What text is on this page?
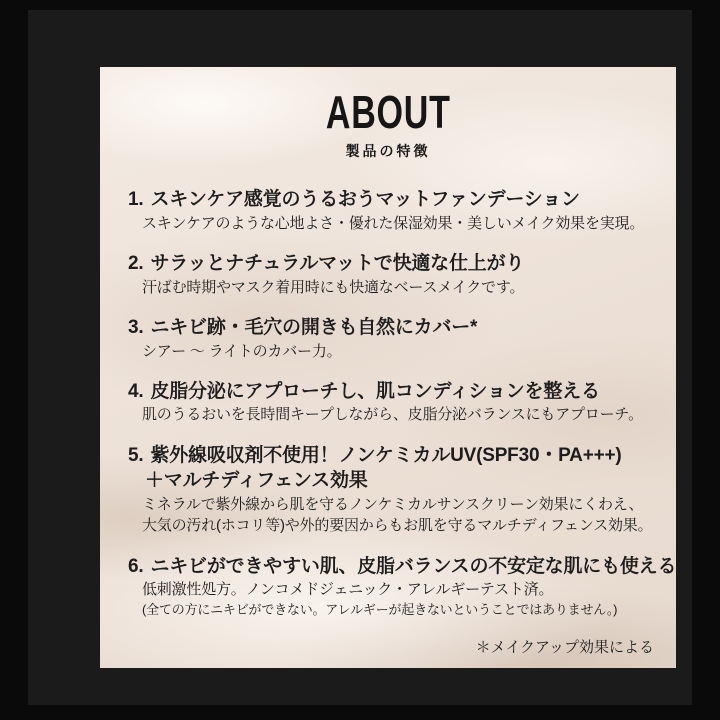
ABOUT
製品の特徴
1. スキンケア感覚のうるおうマットファンデーション
スキンケアのような心地よさ・優れた保湿効果・美しいメイク効果を実現。
2. サラッとナチュラルマットで快適な仕上がり
汗ばむ時期やマスク着用時にも快適なベースメイクです。
3. ニキビ跡・毛穴の開きも自然にカバー*
シアー ～ ライトのカバー力。
4. 皮脂分泌にアプローチし、肌コンディションを整える
肌のうるおいを長時間キープしながら、皮脂分泌バランスにもアプローチ。
5. 紫外線吸収剤不使用！ノンケミカルUV(SPF30・PA+++)
＋マルチディフェンス効果
ミネラルで紫外線から肌を守るノンケミカルサンスクリーン効果にくわえ、
大気の汚れ(ホコリ等)や外的要因からもお肌を守るマルチディフェンス効果。
6. ニキビができやすい肌、皮脂バランスの不安定な肌にも使える
低刺激性処方。ノンコメドジェニック・アレルギーテスト済。
(全ての方にニキビができない。アレルギーが起きないということではありません。)
＊メイクアップ効果による
